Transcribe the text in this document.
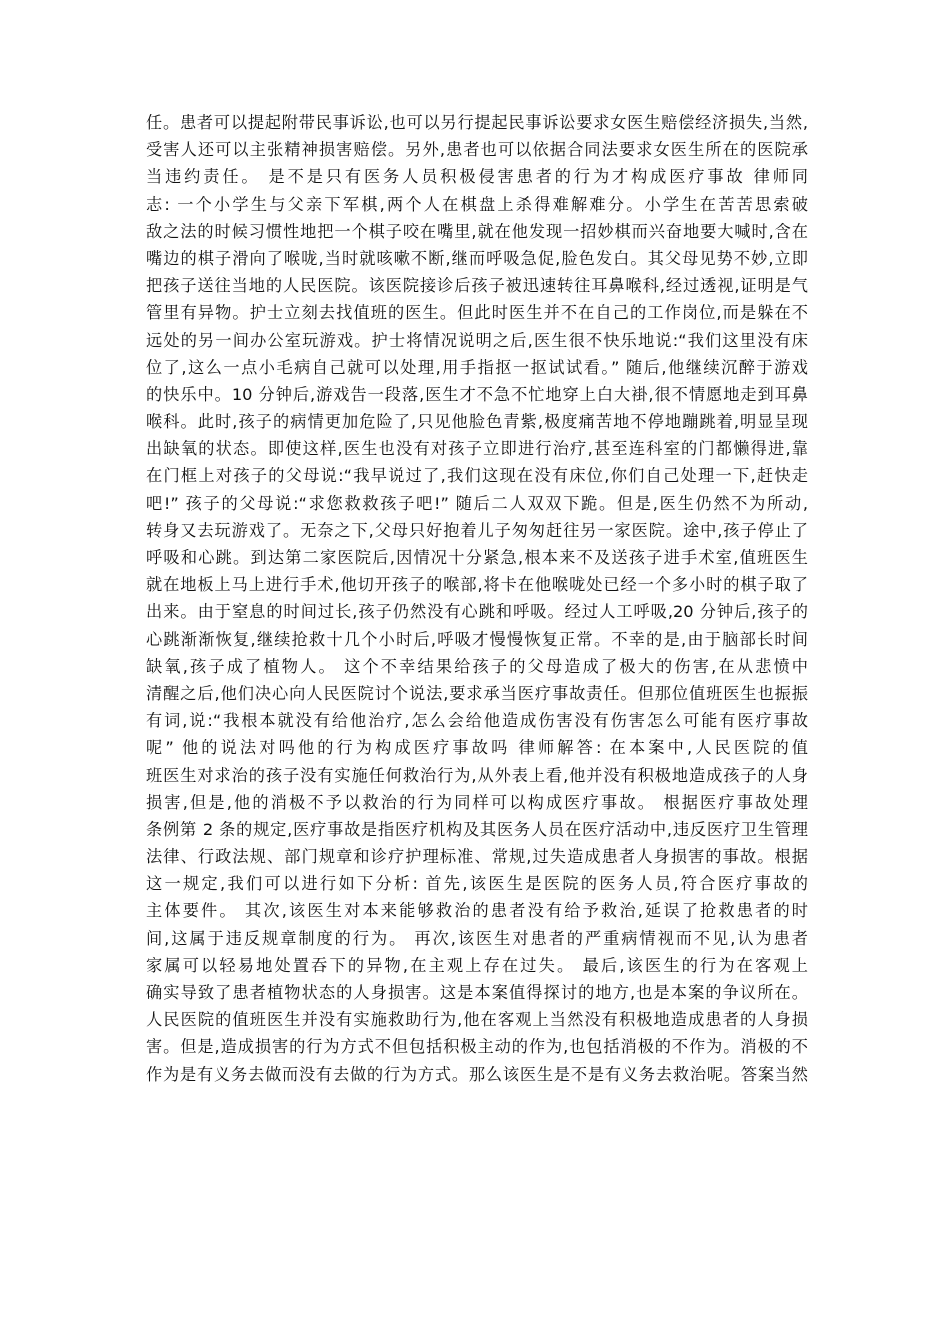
任。患者可以提起附带民事诉讼,也可以另行提起民事诉讼要求女医生赔偿经济损失,当然,
受害人还可以主张精神损害赔偿。另外,患者也可以依据合同法要求女医生所在的医院承
当违约责任。 是不是只有医务人员积极侵害患者的行为才构成医疗事故 律师同
志: 一个小学生与父亲下军棋,两个人在棋盘上杀得难解难分。小学生在苦苦思索破
敌之法的时候习惯性地把一个棋子咬在嘴里,就在他发现一招妙棋而兴奋地要大喊时,含在
嘴边的棋子滑向了喉咙,当时就咳嗽不断,继而呼吸急促,脸色发白。其父母见势不妙,立即
把孩子送往当地的人民医院。该医院接诊后孩子被迅速转往耳鼻喉科,经过透视,证明是气
管里有异物。护士立刻去找值班的医生。但此时医生并不在自己的工作岗位,而是躲在不
远处的另一间办公室玩游戏。护士将情况说明之后,医生很不快乐地说:“我们这里没有床
位了,这么一点小毛病自己就可以处理,用手指抠一抠试试看。” 随后,他继续沉醉于游戏
的快乐中。10 分钟后,游戏告一段落,医生才不急不忙地穿上白大褂,很不情愿地走到耳鼻
喉科。此时,孩子的病情更加危险了,只见他脸色青紫,极度痛苦地不停地蹦跳着,明显呈现
出缺氧的状态。即使这样,医生也没有对孩子立即进行治疗,甚至连科室的门都懒得进,靠
在门框上对孩子的父母说:“我早说过了,我们这现在没有床位,你们自己处理一下,赶快走
吧!” 孩子的父母说:“求您救救孩子吧!” 随后二人双双下跪。但是,医生仍然不为所动,
转身又去玩游戏了。无奈之下,父母只好抱着儿子匆匆赶往另一家医院。途中,孩子停止了
呼吸和心跳。到达第二家医院后,因情况十分紧急,根本来不及送孩子进手术室,值班医生
就在地板上马上进行手术,他切开孩子的喉部,将卡在他喉咙处已经一个多小时的棋子取了
出来。由于窒息的时间过长,孩子仍然没有心跳和呼吸。经过人工呼吸,20 分钟后,孩子的
心跳渐渐恢复,继续抢救十几个小时后,呼吸才慢慢恢复正常。不幸的是,由于脑部长时间
缺氧,孩子成了植物人。 这个不幸结果给孩子的父母造成了极大的伤害,在从悲愤中
清醒之后,他们决心向人民医院讨个说法,要求承当医疗事故责任。但那位值班医生也振振
有词,说:“我根本就没有给他治疗,怎么会给他造成伤害没有伤害怎么可能有医疗事故
呢” 他的说法对吗他的行为构成医疗事故吗 律师解答: 在本案中,人民医院的值
班医生对求治的孩子没有实施任何救治行为,从外表上看,他并没有积极地造成孩子的人身
损害,但是,他的消极不予以救治的行为同样可以构成医疗事故。 根据医疗事故处理
条例第 2 条的规定,医疗事故是指医疗机构及其医务人员在医疗活动中,违反医疗卫生管理
法律、行政法规、部门规章和诊疗护理标准、常规,过失造成患者人身损害的事故。根据
这一规定,我们可以进行如下分析: 首先,该医生是医院的医务人员,符合医疗事故的
主体要件。 其次,该医生对本来能够救治的患者没有给予救治,延误了抢救患者的时
间,这属于违反规章制度的行为。 再次,该医生对患者的严重病情视而不见,认为患者
家属可以轻易地处置吞下的异物,在主观上存在过失。 最后,该医生的行为在客观上
确实导致了患者植物状态的人身损害。这是本案值得探讨的地方,也是本案的争议所在。
人民医院的值班医生并没有实施救助行为,他在客观上当然没有积极地造成患者的人身损
害。但是,造成损害的行为方式不但包括积极主动的作为,也包括消极的不作为。消极的不
作为是有义务去做而没有去做的行为方式。那么该医生是不是有义务去救治呢。答案当然
